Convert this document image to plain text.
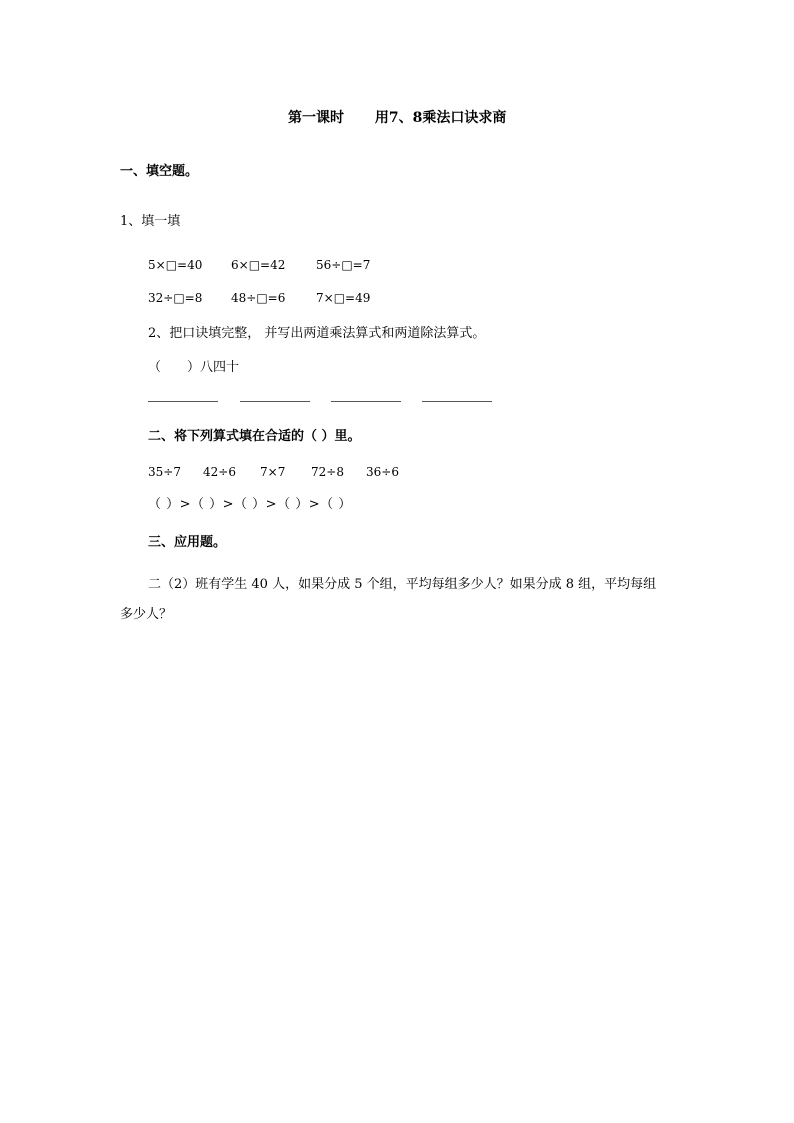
第一课时 用7、8乘法口诀求商
一、填空题。
1、填一填
5×□=40 6×□=42	56÷□=7
32÷□=8 48÷□=6	7×□=49
2、把口诀填完整， 并写出两道乘法算式和两道除法算式。
（　　）八四十
二、将下列算式填在合适的（ ）里。
35÷7 42÷6 7×7 72÷8 36÷6
（ ）>（ ）>（ ）>（ ）>（ ）
三、应用题。
二（2）班有学生 40 人，如果分成 5 个组，平均每组多少人？如果分成 8 组，平均每组
多少人？
